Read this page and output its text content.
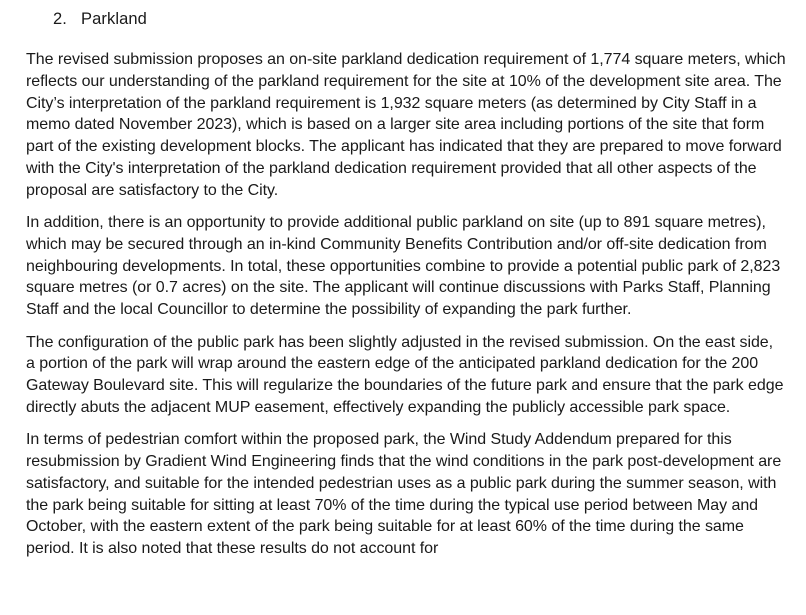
2. Parkland

The revised submission proposes an on-site parkland dedication requirement of 1,774 square meters, which reflects our understanding of the parkland requirement for the site at 10% of the development site area. The City’s interpretation of the parkland requirement is 1,932 square meters (as determined by City Staff in a memo dated November 2023), which is based on a larger site area including portions of the site that form part of the existing development blocks. The applicant has indicated that they are prepared to move forward with the City's interpretation of the parkland dedication requirement provided that all other aspects of the proposal are satisfactory to the City.

In addition, there is an opportunity to provide additional public parkland on site (up to 891 square metres), which may be secured through an in-kind Community Benefits Contribution and/or off-site dedication from neighbouring developments. In total, these opportunities combine to provide a potential public park of 2,823 square metres (or 0.7 acres) on the site. The applicant will continue discussions with Parks Staff, Planning Staff and the local Councillor to determine the possibility of expanding the park further.

The configuration of the public park has been slightly adjusted in the revised submission. On the east side, a portion of the park will wrap around the eastern edge of the anticipated parkland dedication for the 200 Gateway Boulevard site. This will regularize the boundaries of the future park and ensure that the park edge directly abuts the adjacent MUP easement, effectively expanding the publicly accessible park space.

In terms of pedestrian comfort within the proposed park, the Wind Study Addendum prepared for this resubmission by Gradient Wind Engineering finds that the wind conditions in the park post-development are satisfactory, and suitable for the intended pedestrian uses as a public park during the summer season, with the park being suitable for sitting at least 70% of the time during the typical use period between May and October, with the eastern extent of the park being suitable for at least 60% of the time during the same period. It is also noted that these results do not account for
